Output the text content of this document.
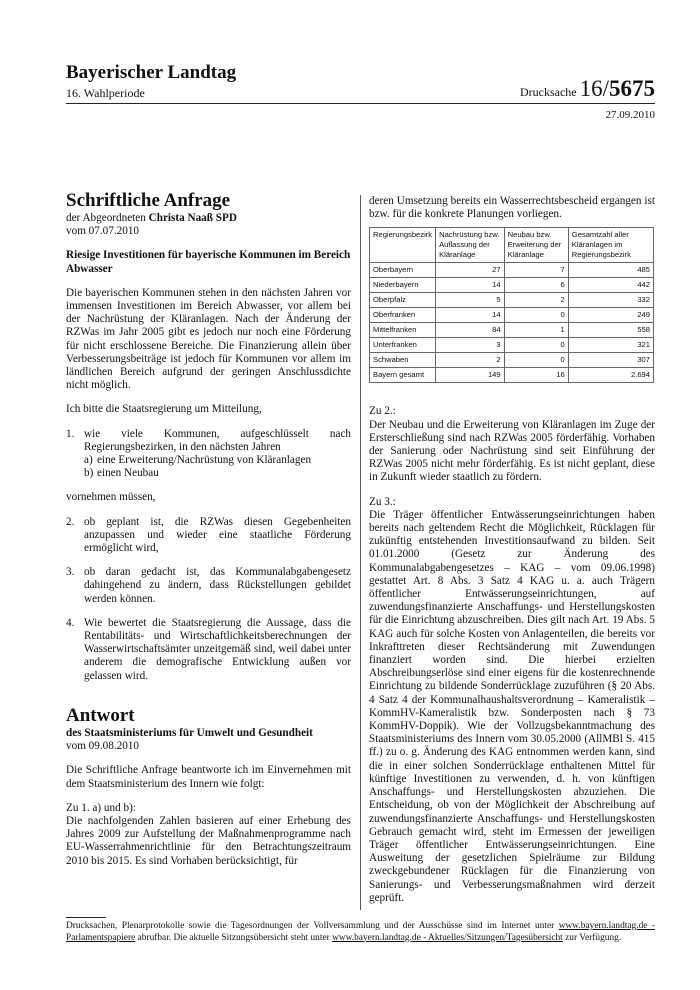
Bayerischer Landtag
16. Wahlperiode	Drucksache 16/5675
27.09.2010

Schriftliche Anfrage

der Abgeordneten Christa Naaß SPD

vom 07.07.2010

Riesige Investitionen für bayerische Kommunen im Bereich Abwasser

Die bayerischen Kommunen stehen in den nächsten Jahren vor immensen Investitionen im Bereich Abwasser, vor allem bei der Nachrüstung der Kläranlagen. Nach der Änderung der RZWas im Jahr 2005 gibt es jedoch nur noch eine Förderung für nicht erschlossene Bereiche. Die Finanzierung allein über Verbesserungsbeiträge ist jedoch für Kommunen vor allem im ländlichen Bereich aufgrund der geringen Anschlussdichte nicht möglich.

Ich bitte die Staatsregierung um Mitteilung,

1. wie viele Kommunen, aufgeschlüsselt nach Regierungsbezirken, in den nächsten Jahren
a) eine Erweiterung/Nachrüstung von Kläranlagen
b) einen Neubau

vornehmen müssen,

2. ob geplant ist, die RZWas diesen Gegebenheiten anzupassen und wieder eine staatliche Förderung ermöglicht wird,
3. ob daran gedacht ist, das Kommunalabgabengesetz dahingehend zu ändern, dass Rückstellungen gebildet werden können.
4. Wie bewertet die Staatsregierung die Aussage, dass die Rentabilitäts- und Wirtschaftlichkeitsberechnungen der Wasserwirtschaftsämter unzeitgemäß sind, weil dabei unter anderem die demografische Entwicklung außen vor gelassen wird.

Antwort

des Staatsministeriums für Umwelt und Gesundheit

vom 09.08.2010

Die Schriftliche Anfrage beantworte ich im Einvernehmen mit dem Staatsministerium des Innern wie folgt:

Zu 1. a) und b):

Die nachfolgenden Zahlen basieren auf einer Erhebung des Jahres 2009 zur Aufstellung der Maßnahmenprogramme nach EU-Wasserrahmenrichtlinie für den Betrachtungszeitraum 2010 bis 2015. Es sind Vorhaben berücksichtigt, für

deren Umsetzung bereits ein Wasserrechtsbescheid ergangen ist bzw. für die konkrete Planungen vorliegen.

Regierungsbezirk	Nachrüstung bzw. Auflassung der Kläranlage	Neubau bzw. Erweiterung der Kläranlage	Gesamtzahl aller Kläranlagen im Regierungsbezirk
Oberbayern	27	7	485
Niederbayern	14	6	442
Oberpfalz	5	2	332
Oberfranken	14	0	249
Mittelfranken	84	1	558
Unterfranken	3	0	321
Schwaben	2	0	307
Bayern gesamt	149	16	2.694

Zu 2.:

Der Neubau und die Erweiterung von Kläranlagen im Zuge der Ersterschließung sind nach RZWas 2005 förderfähig. Vorhaben der Sanierung oder Nachrüstung sind seit Einführung der RZWas 2005 nicht mehr förderfähig. Es ist nicht geplant, diese in Zukunft wieder staatlich zu fördern.

Zu 3.:

Die Träger öffentlicher Entwässerungseinrichtungen haben bereits nach geltendem Recht die Möglichkeit, Rücklagen für zukünftig entstehenden Investitionsaufwand zu bilden. Seit 01.01.2000 (Gesetz zur Änderung des Kommunalabgabengesetzes – KAG – vom 09.06.1998) gestattet Art. 8 Abs. 3 Satz 4 KAG u. a. auch Trägern öffentlicher Entwässerungseinrichtungen, auf zuwendungsfinanzierte Anschaffungs- und Herstellungskosten für die Einrichtung abzuschreiben. Dies gilt nach Art. 19 Abs. 5 KAG auch für solche Kosten von Anlagenteilen, die bereits vor Inkrafttreten dieser Rechtsänderung mit Zuwendungen finanziert worden sind. Die hierbei erzielten Abschreibungserlöse sind einer eigens für die kostenrechnende Einrichtung zu bildende Sonderrücklage zuzuführen (§ 20 Abs. 4 Satz 4 der Kommunalhaushaltsverordnung – Kameralistik – KommHV-Kameralistik bzw. Sonderposten nach § 73 KommHV-Doppik). Wie der Vollzugsbekanntmachung des Staatsministeriums des Innern vom 30.05.2000 (AllMBl S. 415 ff.) zu o. g. Änderung des KAG entnommen werden kann, sind die in einer solchen Sonderrücklage enthaltenen Mittel für künftige Investitionen zu verwenden, d. h. von künftigen Anschaffungs- und Herstellungskosten abzuziehen. Die Entscheidung, ob von der Möglichkeit der Abschreibung auf zuwendungsfinanzierte Anschaffungs- und Herstellungskosten Gebrauch gemacht wird, steht im Ermessen der jeweiligen Träger öffentlicher Entwässerungseinrichtungen. Eine Ausweitung der gesetzlichen Spielräume zur Bildung zweckgebundener Rücklagen für die Finanzierung von Sanierungs- und Verbesserungsmaßnahmen wird derzeit geprüft.

Drucksachen, Plenarprotokolle sowie die Tagesordnungen der Vollversammlung und der Ausschüsse sind im Internet unter www.bayern.landtag.de - Parlamentspapiere abrufbar. Die aktuelle Sitzungsübersicht steht unter www.bayern.landtag.de - Aktuelles/Sitzungen/Tagesübersicht zur Verfügung.
